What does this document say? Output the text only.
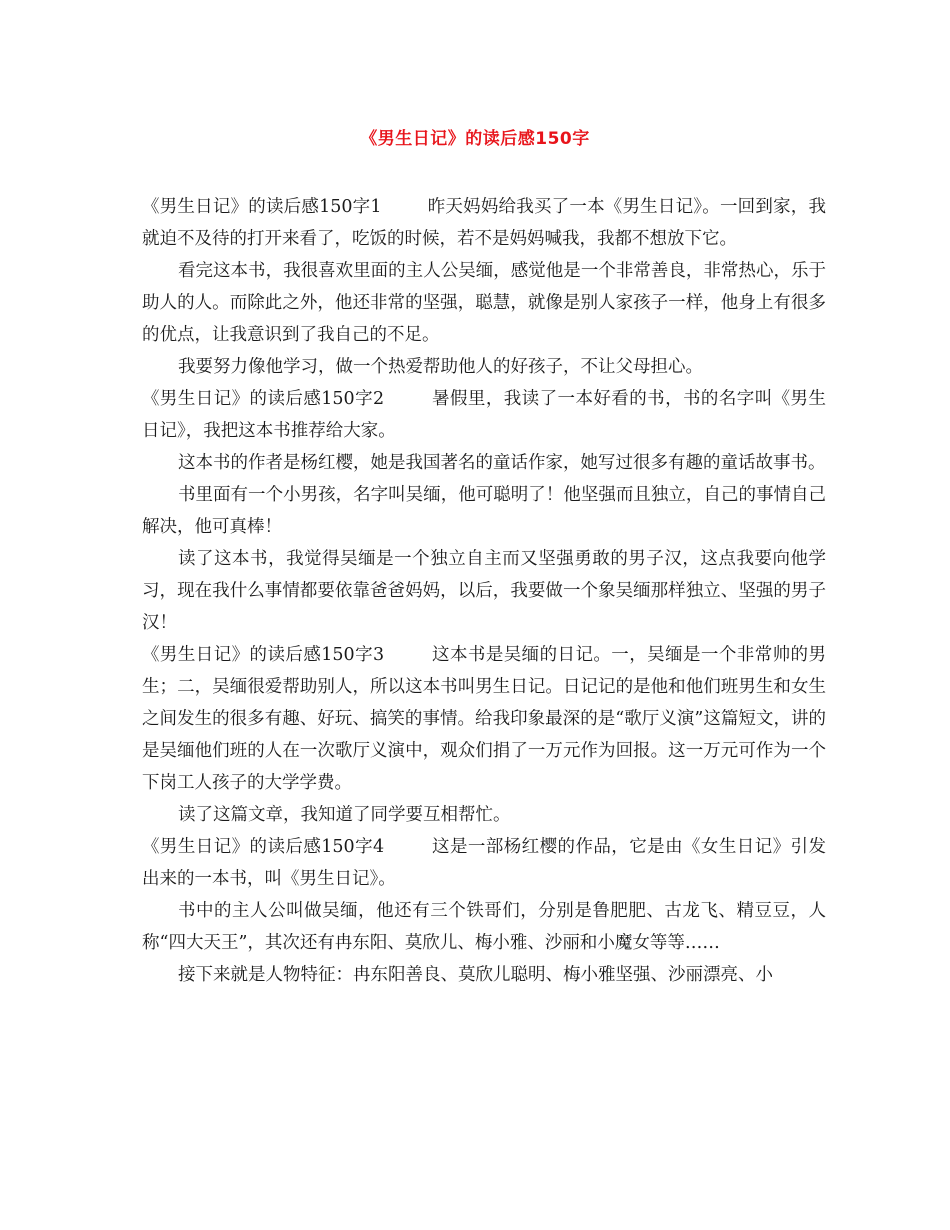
《男生日记》的读后感150字

《男生日记》的读后感150字1	昨天妈妈给我买了一本《男生日记》。一回到家，我就迫不及待的打开来看了，吃饭的时候，若不是妈妈喊我，我都不想放下它。

看完这本书，我很喜欢里面的主人公吴缅，感觉他是一个非常善良，非常热心，乐于助人的人。而除此之外，他还非常的坚强，聪慧，就像是别人家孩子一样，他身上有很多的优点，让我意识到了我自己的不足。

我要努力像他学习，做一个热爱帮助他人的好孩子，不让父母担心。

《男生日记》的读后感150字2	暑假里，我读了一本好看的书，书的名字叫《男生日记》，我把这本书推荐给大家。

这本书的作者是杨红樱，她是我国著名的童话作家，她写过很多有趣的童话故事书。

书里面有一个小男孩，名字叫吴缅，他可聪明了！他坚强而且独立，自己的事情自己解决，他可真棒！

读了这本书，我觉得吴缅是一个独立自主而又坚强勇敢的男子汉，这点我要向他学习，现在我什么事情都要依靠爸爸妈妈，以后，我要做一个象吴缅那样独立、坚强的男子汉！

《男生日记》的读后感150字3	这本书是吴缅的日记。一，吴缅是一个非常帅的男生；二，吴缅很爱帮助别人，所以这本书叫男生日记。日记记的是他和他们班男生和女生之间发生的很多有趣、好玩、搞笑的事情。给我印象最深的是“歌厅义演”这篇短文，讲的是吴缅他们班的人在一次歌厅义演中，观众们捐了一万元作为回报。这一万元可作为一个下岗工人孩子的大学学费。

读了这篇文章，我知道了同学要互相帮忙。

《男生日记》的读后感150字4	这是一部杨红樱的作品，它是由《女生日记》引发出来的一本书，叫《男生日记》。

书中的主人公叫做吴缅，他还有三个铁哥们，分别是鲁肥肥、古龙飞、精豆豆，人称“四大天王”，其次还有冉东阳、莫欣儿、梅小雅、沙丽和小魔女等等……

接下来就是人物特征：冉东阳善良、莫欣儿聪明、梅小雅坚强、沙丽漂亮、小
